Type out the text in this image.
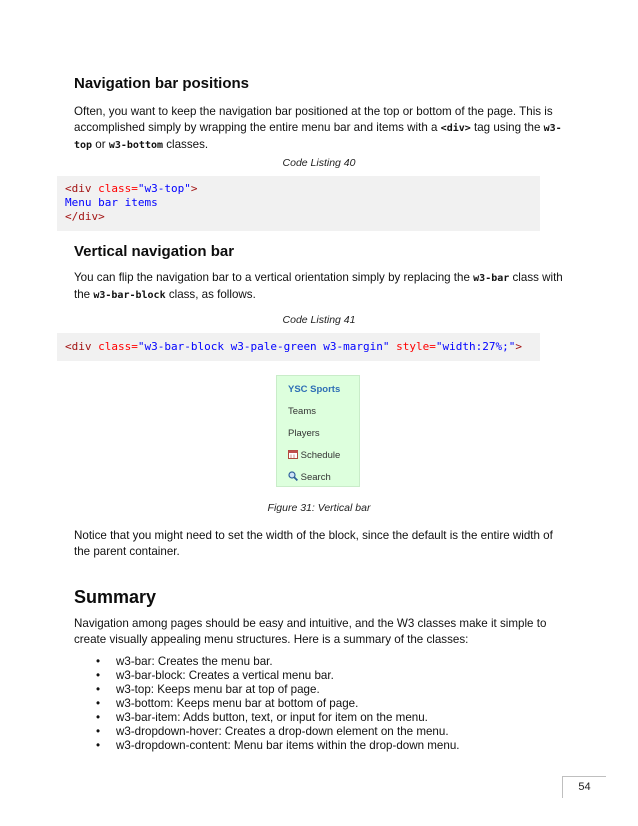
Navigation bar positions

Often, you want to keep the navigation bar positioned at the top or bottom of the page. This is accomplished simply by wrapping the entire menu bar and items with a <div> tag using the w3-top or w3-bottom classes.

Code Listing 40
<div class="w3-top">
Menu bar items
</div>
Vertical navigation bar

You can flip the navigation bar to a vertical orientation simply by replacing the w3-bar class with the w3-bar-block class, as follows.

Code Listing 41
<div class="w3-bar-block w3-pale-green w3-margin" style="width:27%;">
YSC Sports
Teams
Players
Schedule
Search
Figure 31: Vertical bar

Notice that you might need to set the width of the block, since the default is the entire width of the parent container.

Summary

Navigation among pages should be easy and intuitive, and the W3 classes make it simple to create visually appealing menu structures. Here is a summary of the classes:

• w3-bar: Creates the menu bar.
• w3-bar-block: Creates a vertical menu bar.
• w3-top: Keeps menu bar at top of page.
• w3-bottom: Keeps menu bar at bottom of page.
• w3-bar-item: Adds button, text, or input for item on the menu.
• w3-dropdown-hover: Creates a drop-down element on the menu.
• w3-dropdown-content: Menu bar items within the drop-down menu.
54
